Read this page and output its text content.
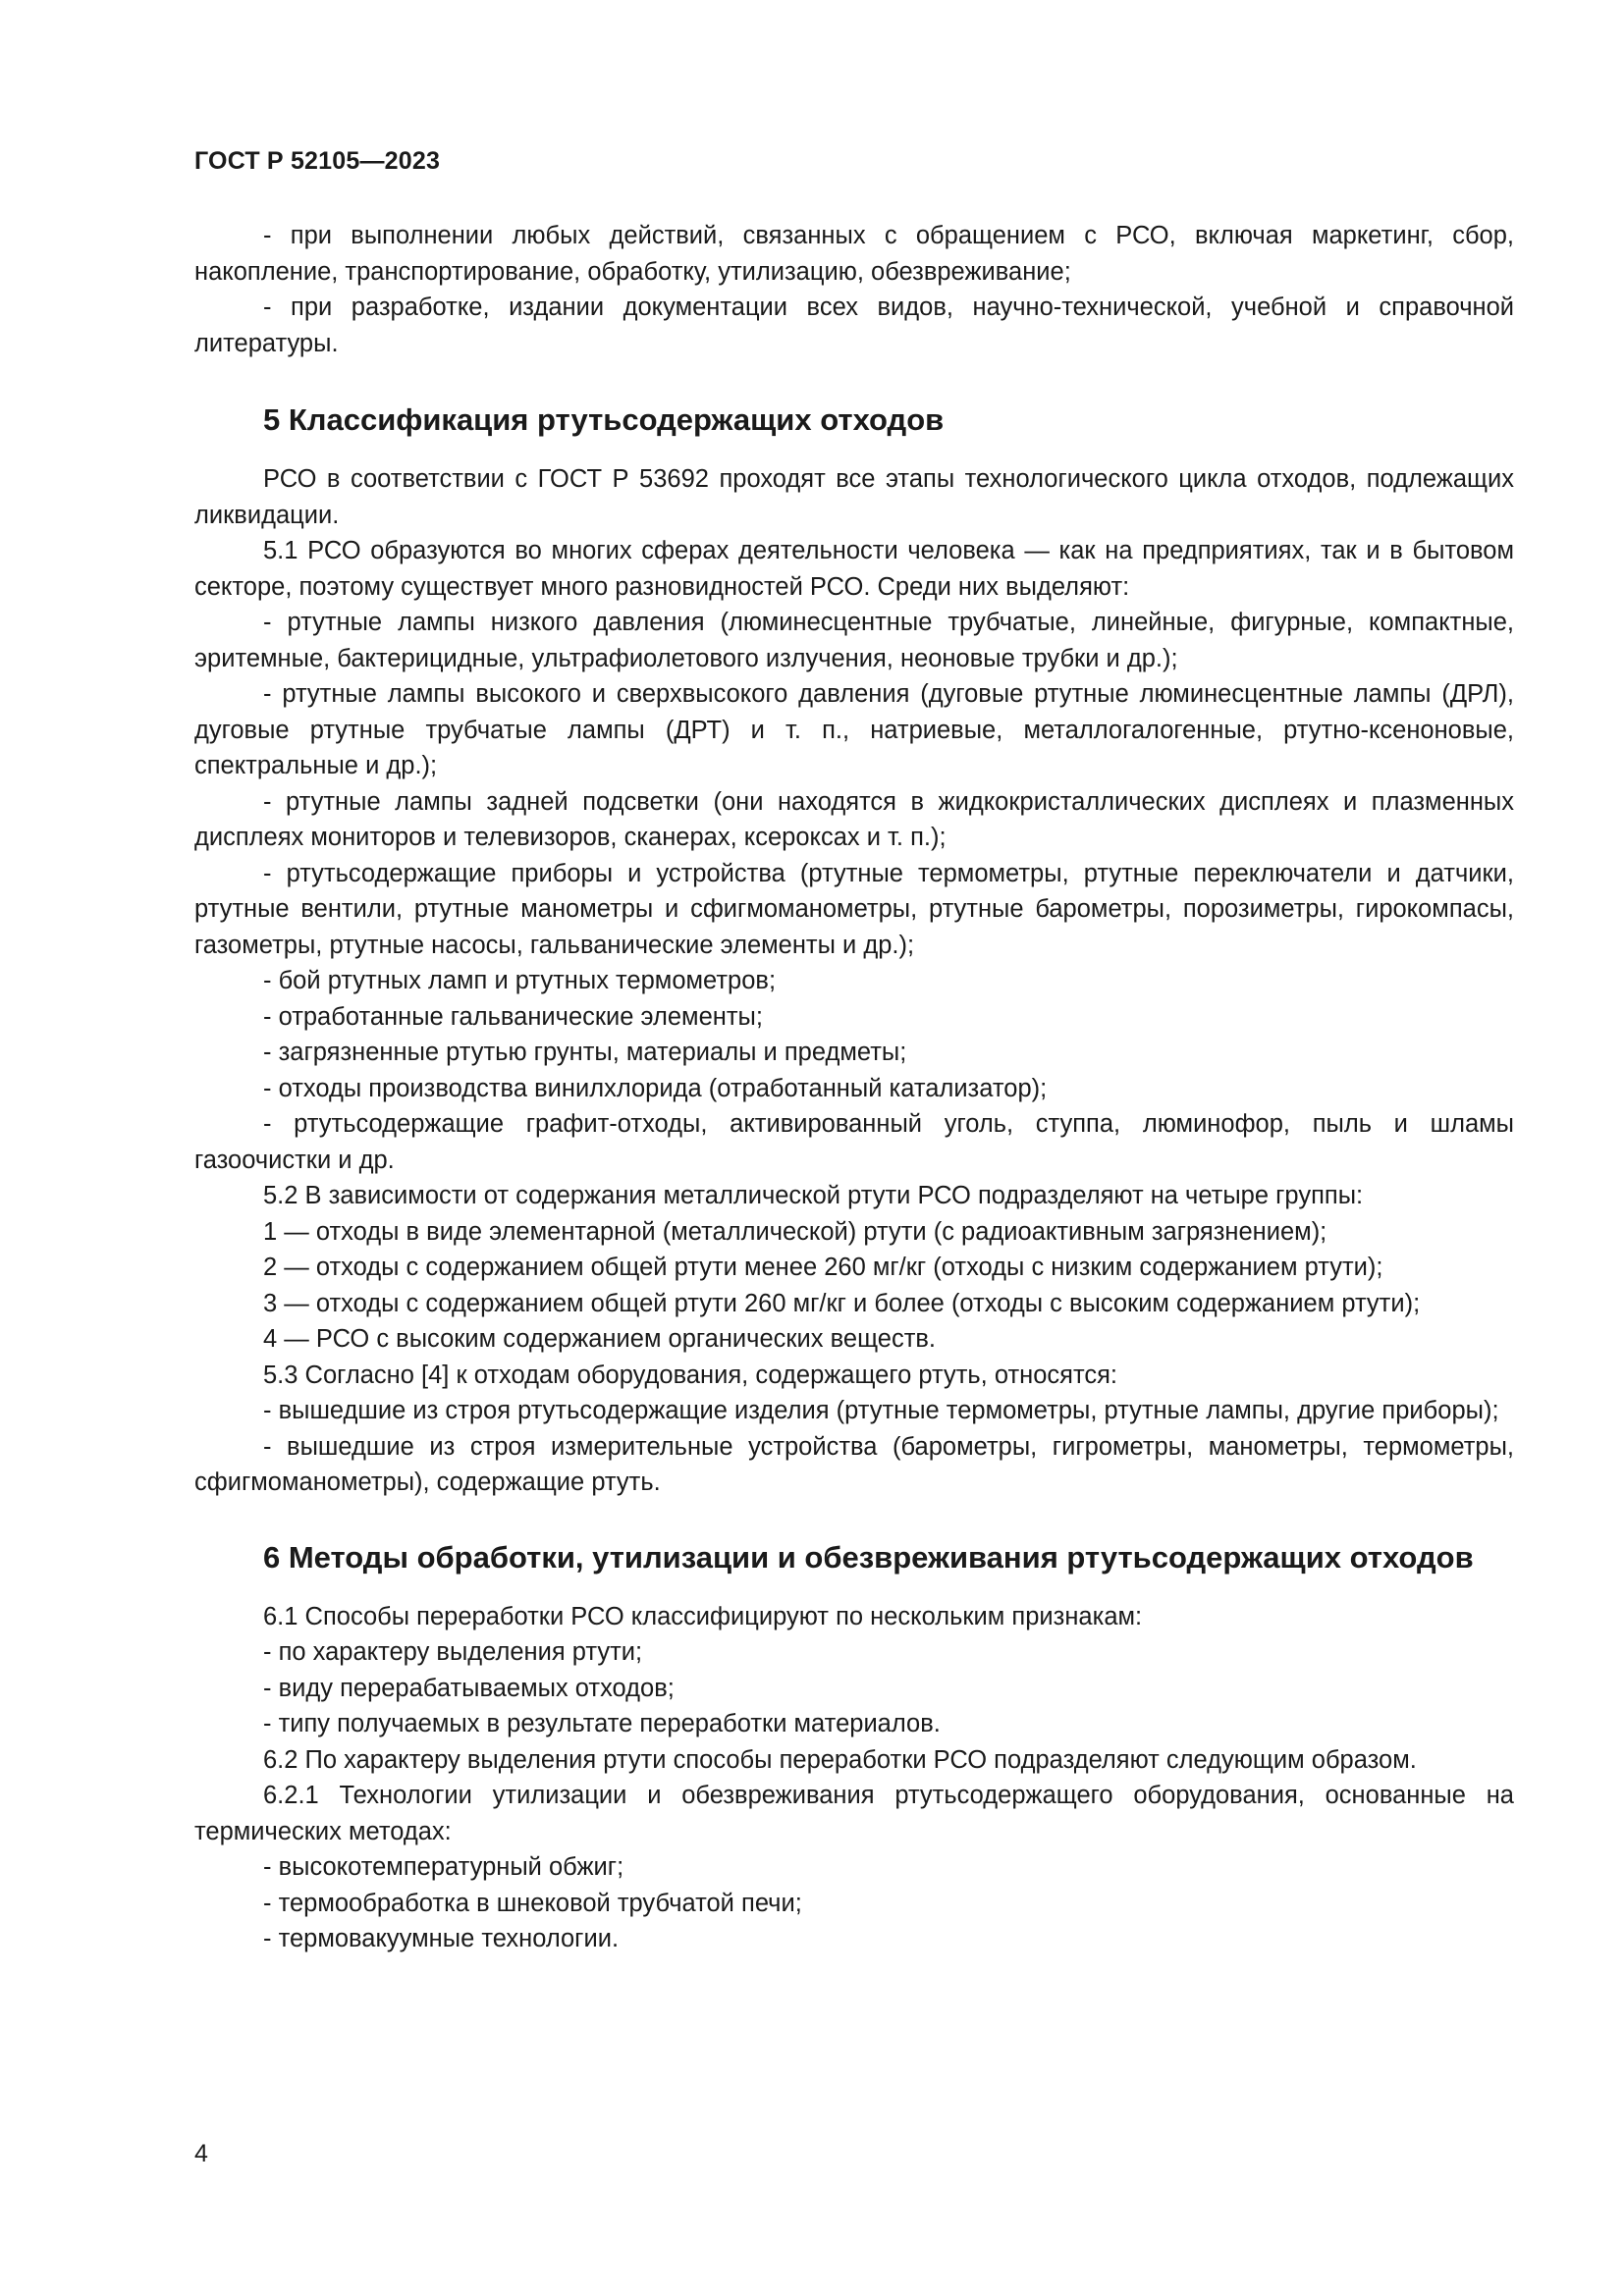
ГОСТ Р 52105—2023

- при выполнении любых действий, связанных с обращением с РСО, включая маркетинг, сбор, накопление, транспортирование, обработку, утилизацию, обезвреживание;

- при разработке, издании документации всех видов, научно-технической, учебной и справочной литературы.

5 Классификация ртутьсодержащих отходов

РСО в соответствии с ГОСТ Р 53692 проходят все этапы технологического цикла отходов, подлежащих ликвидации.

5.1 РСО образуются во многих сферах деятельности человека — как на предприятиях, так и в бытовом секторе, поэтому существует много разновидностей РСО. Среди них выделяют:

- ртутные лампы низкого давления (люминесцентные трубчатые, линейные, фигурные, компактные, эритемные, бактерицидные, ультрафиолетового излучения, неоновые трубки и др.);

- ртутные лампы высокого и сверхвысокого давления (дуговые ртутные люминесцентные лампы (ДРЛ), дуговые ртутные трубчатые лампы (ДРТ) и т. п., натриевые, металлогалогенные, ртутно-ксеноновые, спектральные и др.);

- ртутные лампы задней подсветки (они находятся в жидкокристаллических дисплеях и плазменных дисплеях мониторов и телевизоров, сканерах, ксероксах и т. п.);

- ртутьсодержащие приборы и устройства (ртутные термометры, ртутные переключатели и датчики, ртутные вентили, ртутные манометры и сфигмоманометры, ртутные барометры, порозиметры, гирокомпасы, газометры, ртутные насосы, гальванические элементы и др.);

- бой ртутных ламп и ртутных термометров;

- отработанные гальванические элементы;

- загрязненные ртутью грунты, материалы и предметы;

- отходы производства винилхлорида (отработанный катализатор);

- ртутьсодержащие графит-отходы, активированный уголь, ступпа, люминофор, пыль и шламы газоочистки и др.

5.2 В зависимости от содержания металлической ртути РСО подразделяют на четыре группы:

1 — отходы в виде элементарной (металлической) ртути (с радиоактивным загрязнением);

2 — отходы с содержанием общей ртути менее 260 мг/кг (отходы с низким содержанием ртути);

3 — отходы с содержанием общей ртути 260 мг/кг и более (отходы с высоким содержанием ртути);

4 — РСО с высоким содержанием органических веществ.

5.3 Согласно [4] к отходам оборудования, содержащего ртуть, относятся:

- вышедшие из строя ртутьсодержащие изделия (ртутные термометры, ртутные лампы, другие приборы);

- вышедшие из строя измерительные устройства (барометры, гигрометры, манометры, термометры, сфигмоманометры), содержащие ртуть.

6 Методы обработки, утилизации и обезвреживания ртутьсодержащих отходов

6.1 Способы переработки РСО классифицируют по нескольким признакам:

- по характеру выделения ртути;

- виду перерабатываемых отходов;

- типу получаемых в результате переработки материалов.

6.2 По характеру выделения ртути способы переработки РСО подразделяют следующим образом.

6.2.1 Технологии утилизации и обезвреживания ртутьсодержащего оборудования, основанные на термических методах:

- высокотемпературный обжиг;

- термообработка в шнековой трубчатой печи;

- термовакуумные технологии.

4
